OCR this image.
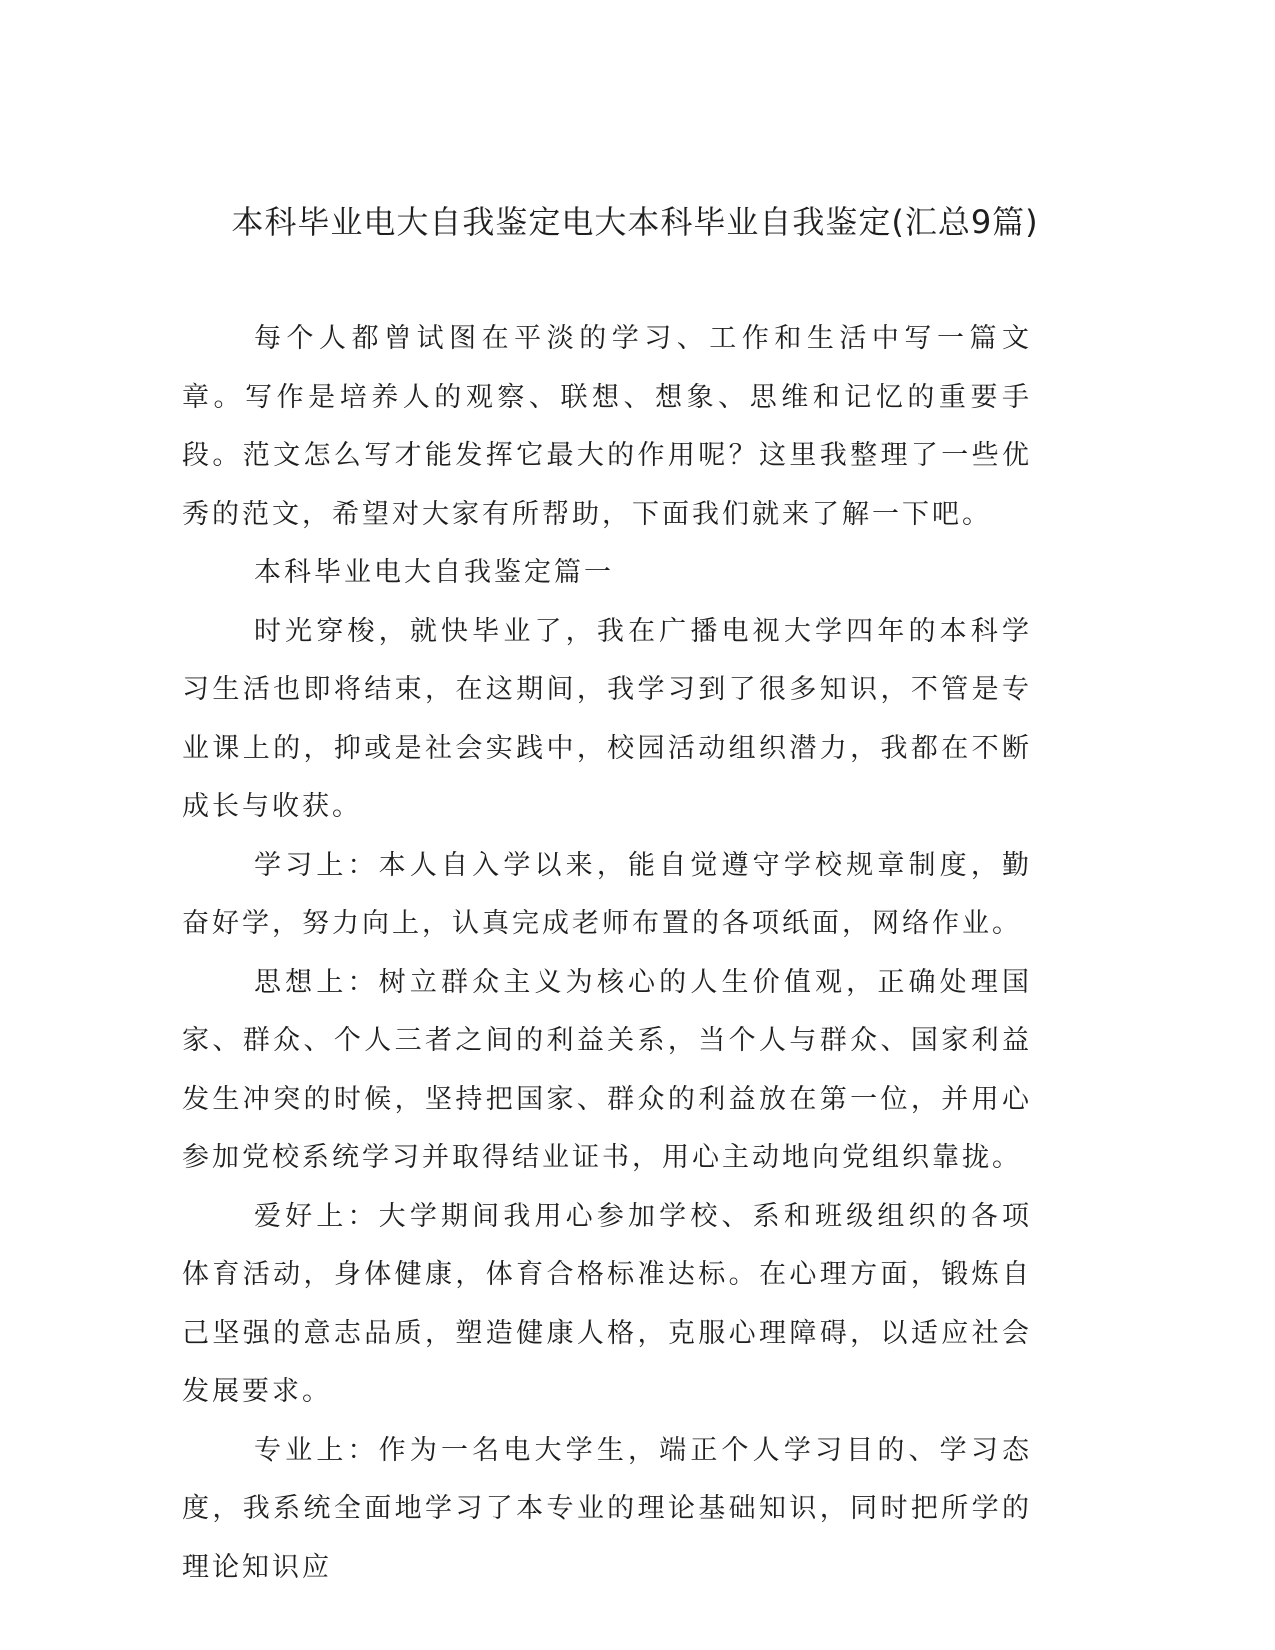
本科毕业电大自我鉴定电大本科毕业自我鉴定(汇总9篇)

每个人都曾试图在平淡的学习、工作和生活中写一篇文章。写作是培养人的观察、联想、想象、思维和记忆的重要手段。范文怎么写才能发挥它最大的作用呢？这里我整理了一些优秀的范文，希望对大家有所帮助，下面我们就来了解一下吧。

本科毕业电大自我鉴定篇一

时光穿梭，就快毕业了，我在广播电视大学四年的本科学习生活也即将结束，在这期间，我学习到了很多知识，不管是专业课上的，抑或是社会实践中，校园活动组织潜力，我都在不断成长与收获。

学习上：本人自入学以来，能自觉遵守学校规章制度，勤奋好学，努力向上，认真完成老师布置的各项纸面，网络作业。

思想上：树立群众主义为核心的人生价值观，正确处理国家、群众、个人三者之间的利益关系，当个人与群众、国家利益发生冲突的时候，坚持把国家、群众的利益放在第一位，并用心参加党校系统学习并取得结业证书，用心主动地向党组织靠拢。

爱好上：大学期间我用心参加学校、系和班级组织的各项体育活动，身体健康，体育合格标准达标。在心理方面，锻炼自己坚强的意志品质，塑造健康人格，克服心理障碍，以适应社会发展要求。

专业上：作为一名电大学生，端正个人学习目的、学习态度，我系统全面地学习了本专业的理论基础知识，同时把所学的理论知识应
